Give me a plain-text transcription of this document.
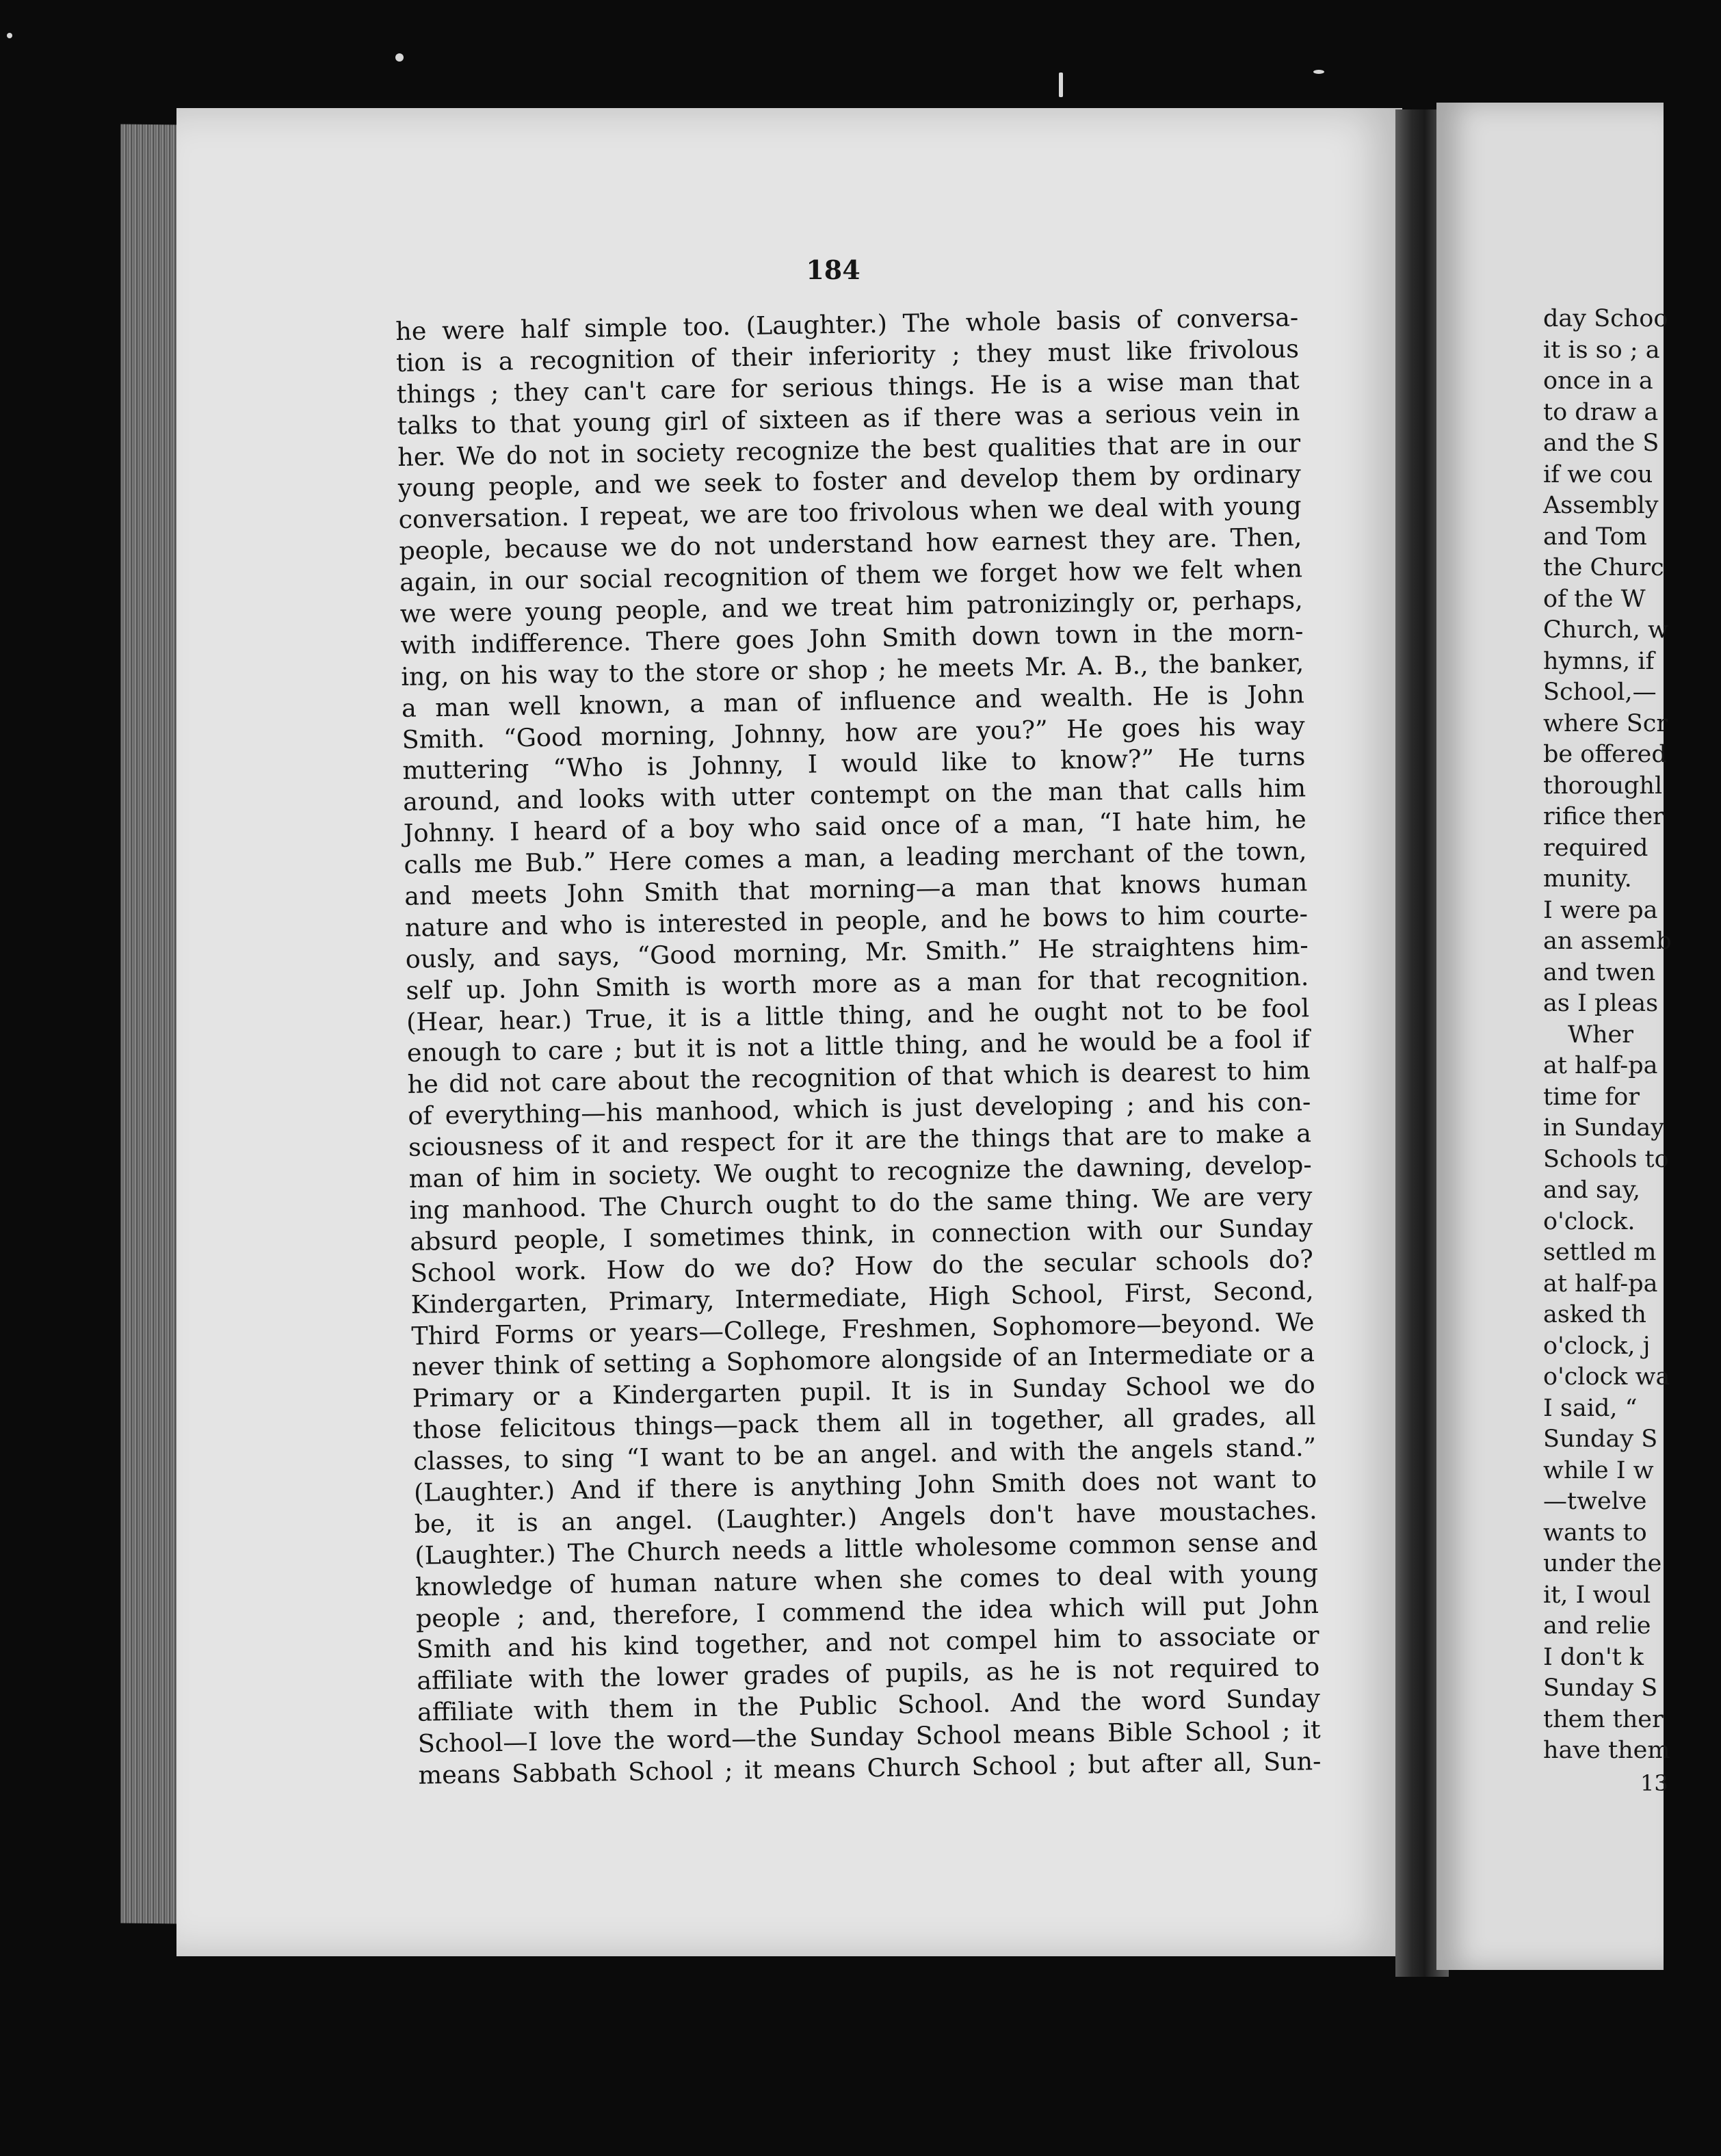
184
he were half simple too. (Laughter.) The whole basis of conversa-
tion is a recognition of their inferiority ; they must like frivolous
things ; they can't care for serious things. He is a wise man that
talks to that young girl of sixteen as if there was a serious vein in
her. We do not in society recognize the best qualities that are in our
young people, and we seek to foster and develop them by ordinary
conversation. I repeat, we are too frivolous when we deal with young
people, because we do not understand how earnest they are. Then,
again, in our social recognition of them we forget how we felt when
we were young people, and we treat him patronizingly or, perhaps,
with indifference. There goes John Smith down town in the morn-
ing, on his way to the store or shop ; he meets Mr. A. B., the banker,
a man well known, a man of influence and wealth. He is John
Smith. “Good morning, Johnny, how are you?” He goes his way
muttering “Who is Johnny, I would like to know?” He turns
around, and looks with utter contempt on the man that calls him
Johnny. I heard of a boy who said once of a man, “I hate him, he
calls me Bub.” Here comes a man, a leading merchant of the town,
and meets John Smith that morning—a man that knows human
nature and who is interested in people, and he bows to him courte-
ously, and says, “Good morning, Mr. Smith.” He straightens him-
self up. John Smith is worth more as a man for that recognition.
(Hear, hear.) True, it is a little thing, and he ought not to be fool
enough to care ; but it is not a little thing, and he would be a fool if
he did not care about the recognition of that which is dearest to him
of everything—his manhood, which is just developing ; and his con-
sciousness of it and respect for it are the things that are to make a
man of him in society. We ought to recognize the dawning, develop-
ing manhood. The Church ought to do the same thing. We are very
absurd people, I sometimes think, in connection with our Sunday
School work. How do we do? How do the secular schools do?
Kindergarten, Primary, Intermediate, High School, First, Second,
Third Forms or years—College, Freshmen, Sophomore—beyond. We
never think of setting a Sophomore alongside of an Intermediate or a
Primary or a Kindergarten pupil. It is in Sunday School we do
those felicitous things—pack them all in together, all grades, all
classes, to sing “I want to be an angel. and with the angels stand.”
(Laughter.) And if there is anything John Smith does not want to
be, it is an angel. (Laughter.) Angels don't have moustaches.
(Laughter.) The Church needs a little wholesome common sense and
knowledge of human nature when she comes to deal with young
people ; and, therefore, I commend the idea which will put John
Smith and his kind together, and not compel him to associate or
affiliate with the lower grades of pupils, as he is not required to
affiliate with them in the Public School. And the word Sunday
School—I love the word—the Sunday School means Bible School ; it
means Sabbath School ; it means Church School ; but after all, Sun-
day Schoo
it is so ; a
once in a
to draw a
and the S
if we cou
Assembly
and Tom
the Churc
of the W
Church, w
hymns, if
School,—
where Scr
be offered
thoroughl
rifice ther
required
munity.
I were pa
an assemb
and twen
as I pleas
Wher
at half-pa
time for
in Sunday
Schools to
and say,
o'clock.
settled m
at half-pa
asked th
o'clock, j
o'clock wa
I said, “
Sunday S
while I w
—twelve
wants to
under the
it, I woul
and relie
I don't k
Sunday S
them ther
have them
13
